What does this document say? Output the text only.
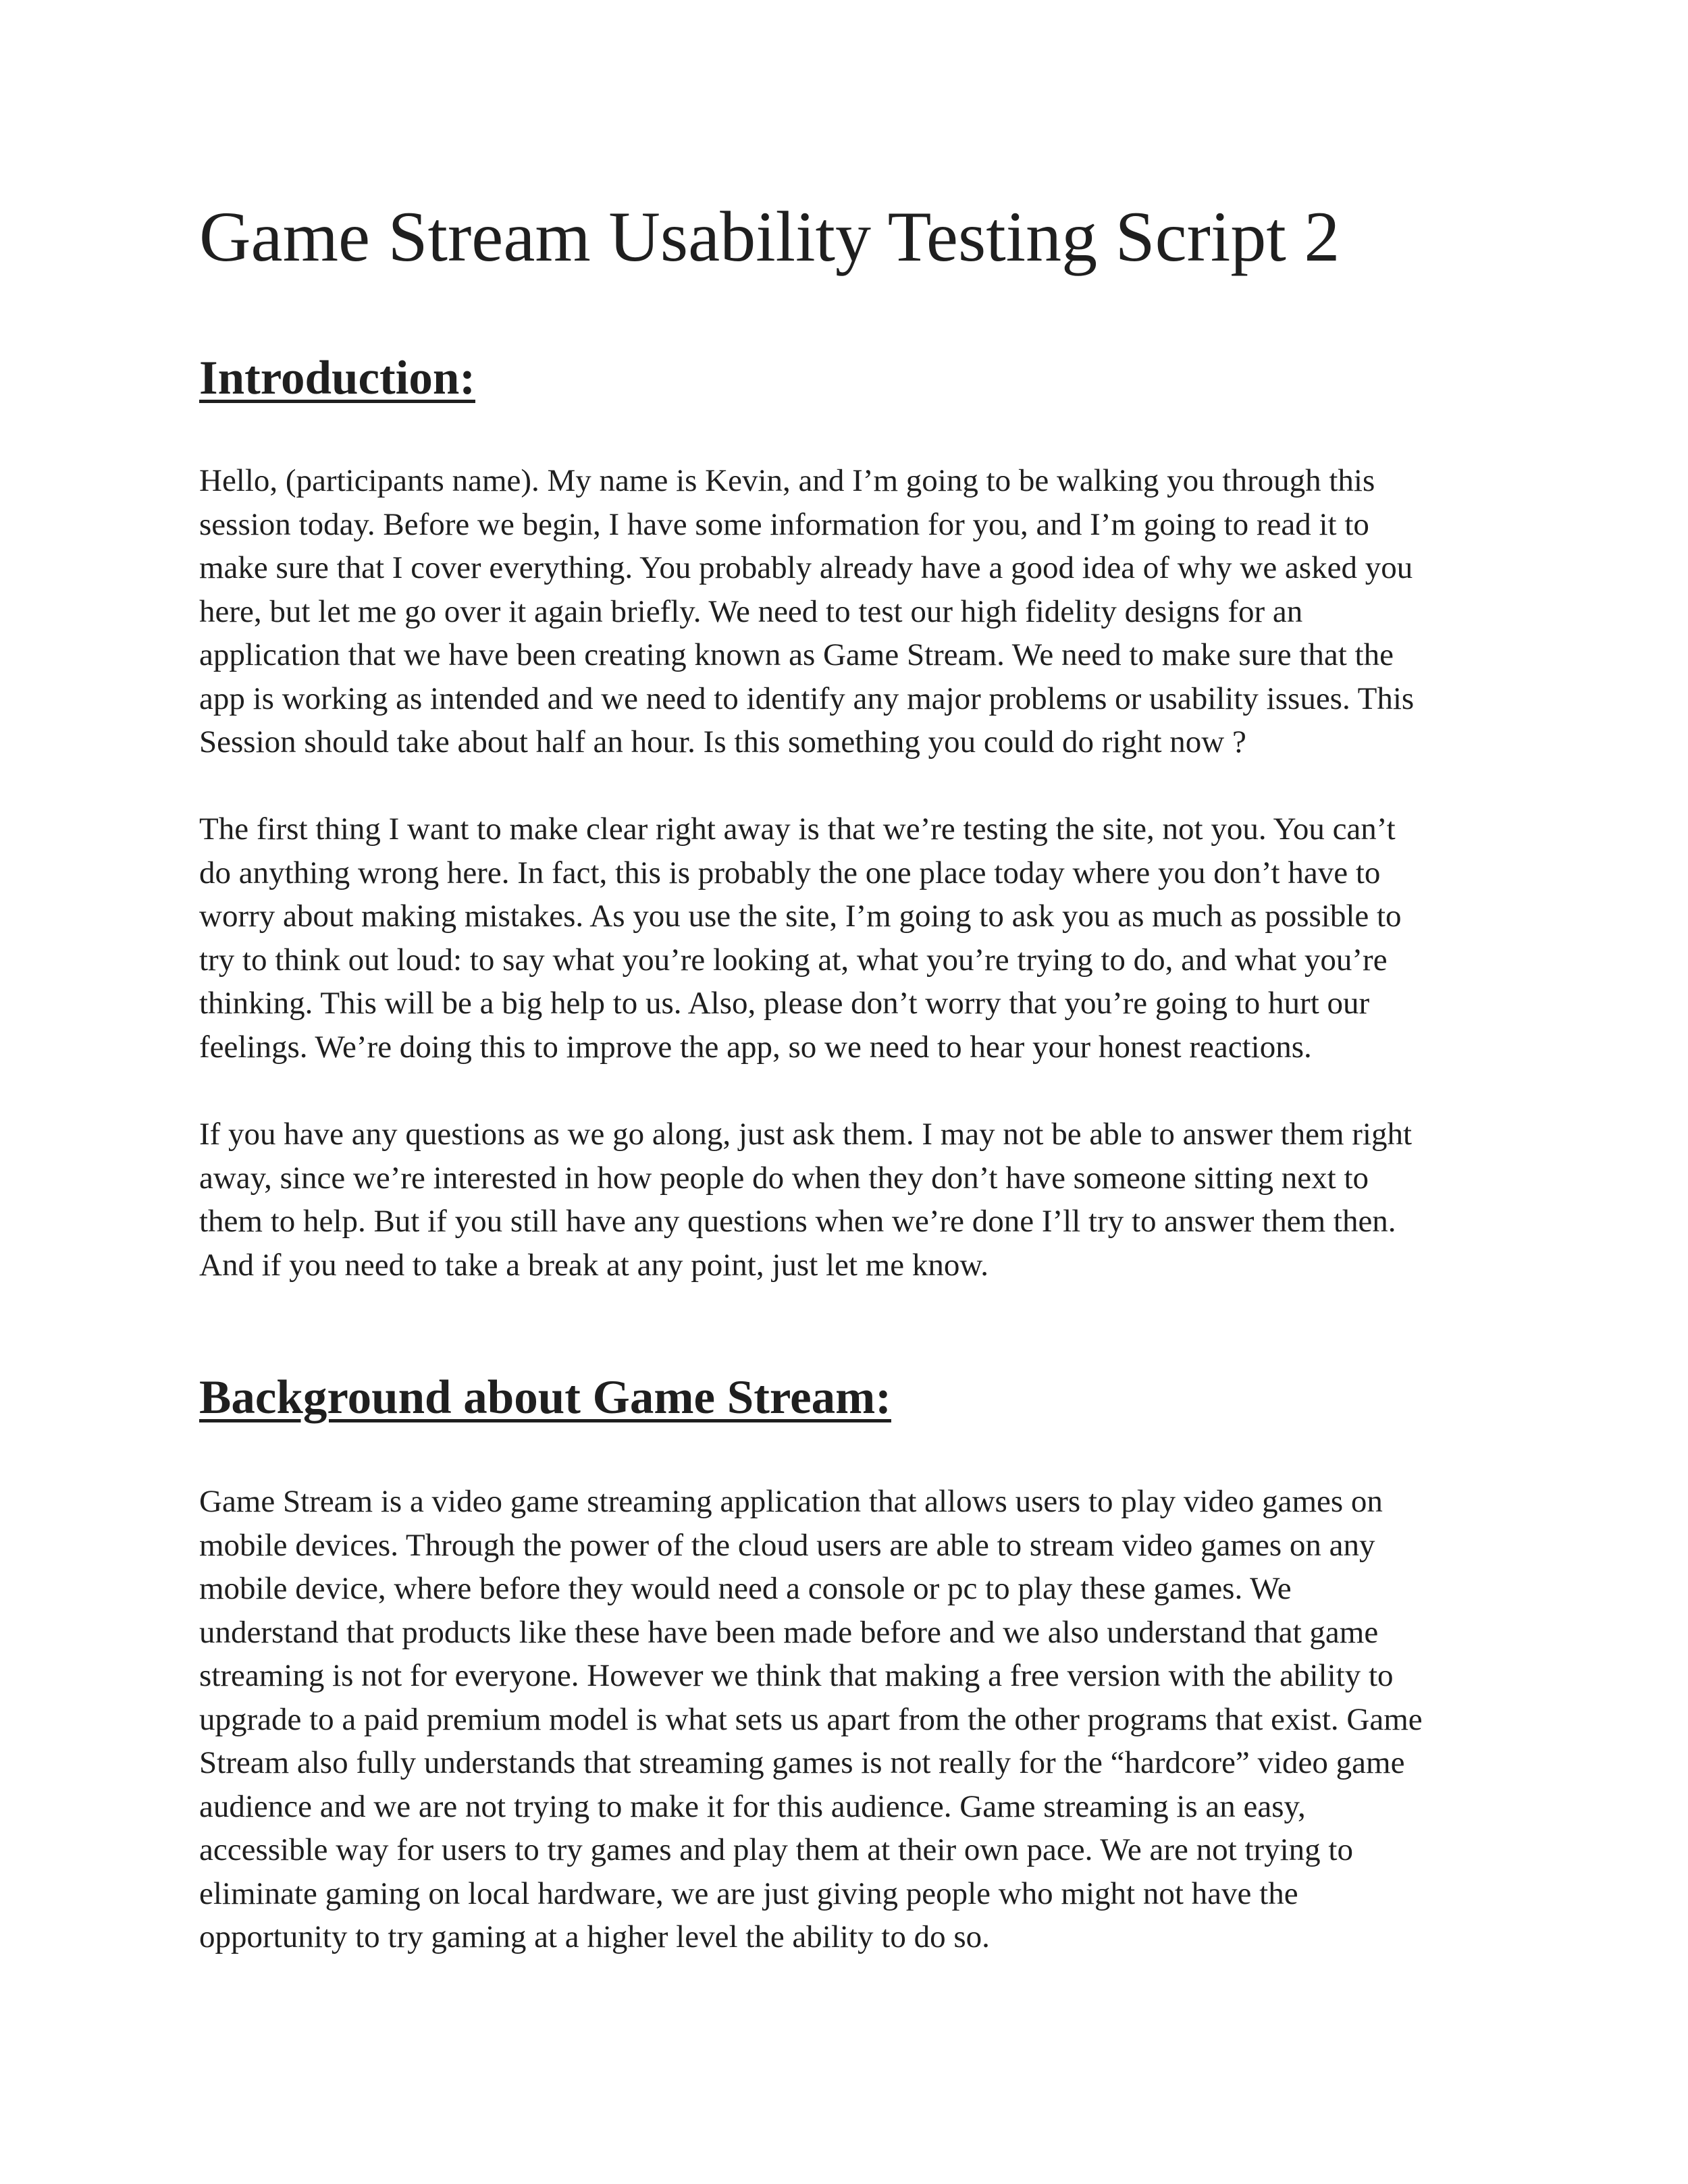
Game Stream Usability Testing Script 2
Introduction:
Hello, (participants name). My name is Kevin, and I’m going to be walking you through this
session today. Before we begin, I have some information for you, and I’m going to read it to
make sure that I cover everything. You probably already have a good idea of why we asked you
here, but let me go over it again briefly. We need to test our high fidelity designs for an
application that we have been creating known as Game Stream. We need to make sure that the
app is working as intended and we need to identify any major problems or usability issues. This
Session should take about half an hour. Is this something you could do right now ?
The first thing I want to make clear right away is that we’re testing the site, not you. You can’t
do anything wrong here. In fact, this is probably the one place today where you don’t have to
worry about making mistakes. As you use the site, I’m going to ask you as much as possible to
try to think out loud: to say what you’re looking at, what you’re trying to do, and what you’re
thinking. This will be a big help to us. Also, please don’t worry that you’re going to hurt our
feelings. We’re doing this to improve the app, so we need to hear your honest reactions.
If you have any questions as we go along, just ask them. I may not be able to answer them right
away, since we’re interested in how people do when they don’t have someone sitting next to
them to help. But if you still have any questions when we’re done I’ll try to answer them then.
And if you need to take a break at any point, just let me know.
Background about Game Stream:
Game Stream is a video game streaming application that allows users to play video games on
mobile devices. Through the power of the cloud users are able to stream video games on any
mobile device, where before they would need a console or pc to play these games. We
understand that products like these have been made before and we also understand that game
streaming is not for everyone. However we think that making a free version with the ability to
upgrade to a paid premium model is what sets us apart from the other programs that exist. Game
Stream also fully understands that streaming games is not really for the “hardcore” video game
audience and we are not trying to make it for this audience. Game streaming is an easy,
accessible way for users to try games and play them at their own pace. We are not trying to
eliminate gaming on local hardware, we are just giving people who might not have the
opportunity to try gaming at a higher level the ability to do so.
